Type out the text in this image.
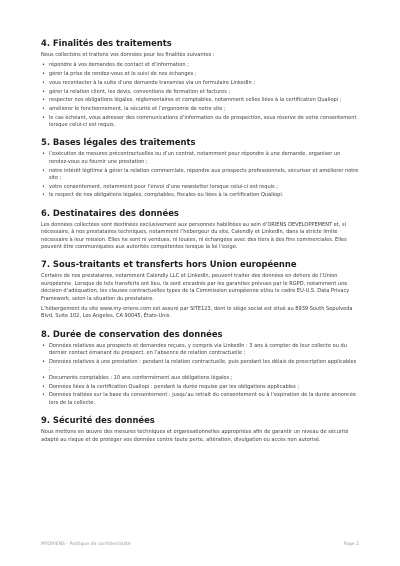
4. Finalités des traitements

Nous collectons et traitons vos données pour les finalités suivantes :

• répondre à vos demandes de contact et d’information ;
• gérer la prise de rendez-vous et le suivi de nos échanges ;
• vous recontacter à la suite d’une demande transmise via un formulaire LinkedIn ;
• gérer la relation client, les devis, conventions de formation et factures ;
• respecter nos obligations légales, réglementaires et comptables, notamment celles liées à la certification Qualiopi ;
• améliorer le fonctionnement, la sécurité et l’ergonomie de notre site ;
• le cas échéant, vous adresser des communications d’information ou de prospection, sous réserve de votre consentement lorsque celui-ci est requis.
5. Bases légales des traitements
• l’exécution de mesures précontractuelles ou d’un contrat, notamment pour répondre à une demande, organiser un rendez-vous ou fournir une prestation ;
• notre intérêt légitime à gérer la relation commerciale, répondre aux prospects professionnels, sécuriser et améliorer notre site ;
• votre consentement, notamment pour l’envoi d’une newsletter lorsque celui-ci est requis ;
• le respect de nos obligations légales, comptables, fiscales ou liées à la certification Qualiopi.
6. Destinataires des données

Les données collectées sont destinées exclusivement aux personnes habilitées au sein d’ORIENS DEVELOPPEMENT et, si nécessaire, à nos prestataires techniques, notamment l’hébergeur du site, Calendly et LinkedIn, dans la stricte limite nécessaire à leur mission. Elles ne sont ni vendues, ni louées, ni échangées avec des tiers à des fins commerciales. Elles peuvent être communiquées aux autorités compétentes lorsque la loi l’exige.

7. Sous-traitants et transferts hors Union européenne

Certains de nos prestataires, notamment Calendly LLC et LinkedIn, peuvent traiter des données en dehors de l’Union européenne. Lorsque de tels transferts ont lieu, ils sont encadrés par les garanties prévues par le RGPD, notamment une décision d’adéquation, les clauses contractuelles types de la Commission européenne et/ou le cadre EU-U.S. Data Privacy Framework, selon la situation du prestataire.

L’hébergement du site www.my-oriens.com est assuré par SITE123, dont le siège social est situé au 8939 South Sepulveda Blvd, Suite 102, Los Angeles, CA 90045, États-Unis.

8. Durée de conservation des données
• Données relatives aux prospects et demandes reçues, y compris via LinkedIn : 3 ans à compter de leur collecte ou du dernier contact émanant du prospect, en l’absence de relation contractuelle ;
• Données relatives à une prestation : pendant la relation contractuelle, puis pendant les délais de prescription applicables ;
• Documents comptables : 10 ans conformément aux obligations légales ;
• Données liées à la certification Qualiopi : pendant la durée requise par les obligations applicables ;
• Données traitées sur la base du consentement : jusqu’au retrait du consentement ou à l’expiration de la durée annoncée lors de la collecte.
9. Sécurité des données

Nous mettons en œuvre des mesures techniques et organisationnelles appropriées afin de garantir un niveau de sécurité adapté au risque et de protéger vos données contre toute perte, altération, divulgation ou accès non autorisé.

MYORIENS - Politique de confidentialité	Page 2
